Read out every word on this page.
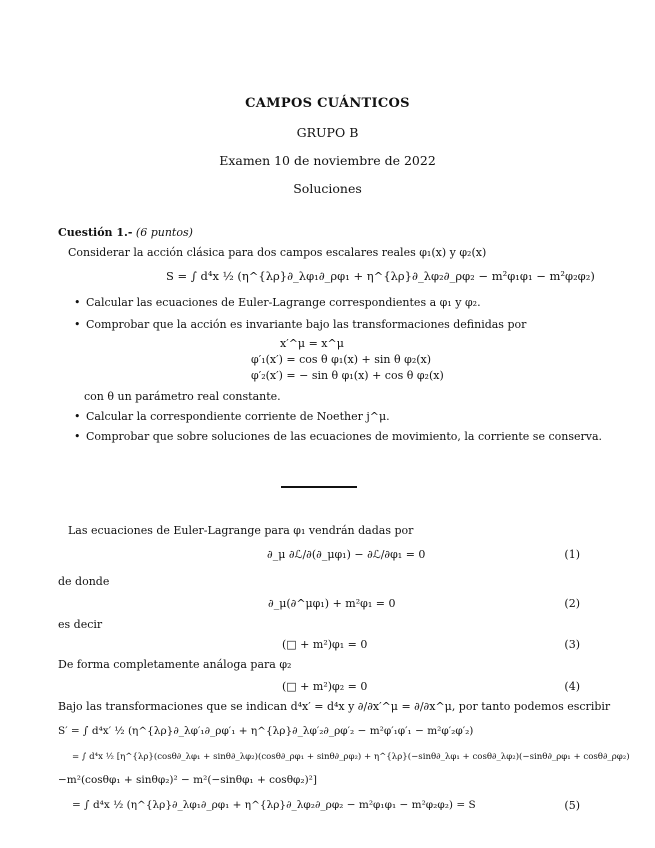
CAMPOS CUÁNTICOS
GRUPO B
Examen 10 de noviembre de 2022
Soluciones
Cuestión 1.- (6 puntos)
Considerar la acción clásica para dos campos escalares reales φ₁(x) y φ₂(x)
S = ∫ d⁴x ½ (η^{λρ}∂_λφ₁∂_ρφ₁ + η^{λρ}∂_λφ₂∂_ρφ₂ − m²φ₁φ₁ − m²φ₂φ₂)
• Calcular las ecuaciones de Euler-Lagrange correspondientes a φ₁ y φ₂.
• Comprobar que la acción es invariante bajo las transformaciones definidas por
x′^μ = x^μ
φ′₁(x′) = cos θ φ₁(x) + sin θ φ₂(x)
φ′₂(x′) = − sin θ φ₁(x) + cos θ φ₂(x)
con θ un parámetro real constante.
• Calcular la correspondiente corriente de Noether j^μ.
• Comprobar que sobre soluciones de las ecuaciones de movimiento, la corriente se conserva.
Las ecuaciones de Euler-Lagrange para φ₁ vendrán dadas por
∂_μ ∂ℒ/∂(∂_μφ₁) − ∂ℒ/∂φ₁ = 0	(1)
de donde
∂_μ(∂^μφ₁) + m²φ₁ = 0	(2)
es decir
(□ + m²)φ₁ = 0	(3)
De forma completamente análoga para φ₂
(□ + m²)φ₂ = 0	(4)
Bajo las transformaciones que se indican d⁴x′ = d⁴x y ∂/∂x′^μ = ∂/∂x^μ, por tanto podemos escribir
S′ = ∫ d⁴x′ ½ (η^{λρ}∂_λφ′₁∂_ρφ′₁ + η^{λρ}∂_λφ′₂∂_ρφ′₂ − m²φ′₁φ′₁ − m²φ′₂φ′₂)
= ∫ d⁴x ½ [η^{λρ}(cosθ∂_λφ₁ + sinθ∂_λφ₂)(cosθ∂_ρφ₁ + sinθ∂_ρφ₂) + η^{λρ}(−sinθ∂_λφ₁ + cosθ∂_λφ₂)(−sinθ∂_ρφ₁ + cosθ∂_ρφ₂)
−m²(cosθφ₁ + sinθφ₂)² − m²(−sinθφ₁ + cosθφ₂)²]
= ∫ d⁴x ½ (η^{λρ}∂_λφ₁∂_ρφ₁ + η^{λρ}∂_λφ₂∂_ρφ₂ − m²φ₁φ₁ − m²φ₂φ₂) = S	(5)
